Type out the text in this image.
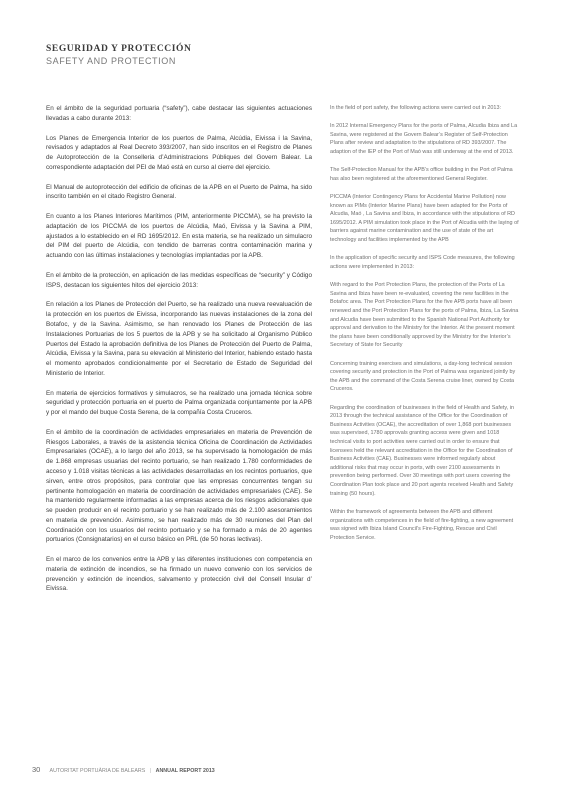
SEGURIDAD Y PROTECCIÓN
SAFETY AND PROTECTION

En el ámbito de la seguridad portuaria (“safety”), cabe destacar las siguientes actuaciones llevadas a cabo durante 2013:

Los Planes de Emergencia Interior de los puertos de Palma, Alcúdia, Eivissa i la Savina, revisados y adaptados al Real Decreto 393/2007, han sido inscritos en el Registro de Planes de Autoprotección de la Conselleria d’Administracions Públiques del Govern Balear. La correspondiente adaptación del PEI de Maó está en curso al cierre del ejercicio.

El Manual de autoprotección del edificio de oficinas de la APB en el Puerto de Palma, ha sido inscrito también en el citado Registro General.

En cuanto a los Planes Interiores Marítimos (PIM, anteriormente PICCMA), se ha previsto la adaptación de los PICCMA de los puertos de Alcúdia, Maó, Eivissa y la Savina a PIM, ajustados a lo establecido en el RD 1695/2012. En esta materia, se ha realizado un simulacro del PIM del puerto de Alcúdia, con tendido de barreras contra contaminación marina y actuando con las últimas instalaciones y tecnologías implantadas por la APB.

En el ámbito de la protección, en aplicación de las medidas específicas de “security” y Código ISPS, destacan los siguientes hitos del ejercicio 2013:

En relación a los Planes de Protección del Puerto, se ha realizado una nueva reevaluación de la protección en los puertos de Eivissa, incorporando las nuevas instalaciones de la zona del Botafoc, y de la Savina. Asimismo, se han renovado los Planes de Protección de las Instalaciones Portuarias de los 5 puertos de la APB y se ha solicitado al Organismo Público Puertos del Estado la aprobación definitiva de los Planes de Protección del Puerto de Palma, Alcúdia, Eivissa y la Savina, para su elevación al Ministerio del Interior, habiendo estado hasta el momento aprobados condicionalmente por el Secretario de Estado de Seguridad del Ministerio de Interior.

En materia de ejercicios formativos y simulacros, se ha realizado una jornada técnica sobre seguridad y protección portuaria en el puerto de Palma organizada conjuntamente por la APB y por el mando del buque Costa Serena, de la compañía Costa Cruceros.

En el ámbito de la coordinación de actividades empresariales en materia de Prevención de Riesgos Laborales, a través de la asistencia técnica Oficina de Coordinación de Actividades Empresariales (OCAE), a lo largo del año 2013, se ha supervisado la homologación de más de 1.868 empresas usuarias del recinto portuario, se han realizado 1.780 conformidades de acceso y 1.018 visitas técnicas a las actividades desarrolladas en los recintos portuarios, que sirven, entre otros propósitos, para controlar que las empresas concurrentes tengan su pertinente homologación en materia de coordinación de actividades empresariales (CAE). Se ha mantenido regularmente informadas a las empresas acerca de los riesgos adicionales que se pueden producir en el recinto portuario y se han realizado más de 2.100 asesoramientos en materia de prevención. Asimismo, se han realizado más de 30 reuniones del Plan del Coordinación con los usuarios del recinto portuario y se ha formado a más de 20 agentes portuarios (Consignatarios) en el curso básico en PRL (de 50 horas lectivas).

En el marco de los convenios entre la APB y las diferentes instituciones con competencia en materia de extinción de incendios, se ha firmado un nuevo convenio con los servicios de prevención y extinción de incendios, salvamento y protección civil del Consell Insular d’ Eivissa.

In the field of port safety, the following actions were carried out in 2013:

In 2012 Internal Emergency Plans for the ports of Palma, Alcudia Ibiza and La Savina, were registered at the Govern Balear’s Register of Self-Protection Plans after review and adaptation to the stipulations of RD 393/2007. The adaption of the IEP of the Port of Maó was still underway at the end of 2013.

The Self-Protection Manual for the APB’s office building in the Port of Palma has also been registered at the aforementioned General Register.

PICCMA (Interior Contingency Plans for Accidental Marine Pollution) now known as PIMs (Interior Marine Plans) have been adapted for the Ports of Alcudia, Maó , La Savina and Ibiza, in accordance with the stipulations of RD 1695/2012. A PIM simulation took place in the Port of Alcudia with the laying of barriers against marine contamination and the use of state of the art technology and facilities implemented by the APB

In the application of specific security and ISPS Code measures, the following actions were implemented in 2013:

With regard to the Port Protection Plans, the protection of the Ports of La Savina and Ibiza have been re-evaluated, covering the new facilities in the Botafoc area. The Port Protection Plans for the five APB ports have all been renewed and the Port Protection Plans for the ports of Palma, Ibiza, La Savina and Alcudia have been submitted to the Spanish National Port Authority for approval and derivation to the Ministry for the Interior. At the present moment the plans have been conditionally approved by the Ministry for the Interior’s Secretary of State for Security

Concerning training exercises and simulations, a day-long technical session covering security and protection in the Port of Palma was organized jointly by the APB and the command of the Costa Serena cruise liner, owned by Costa Cruceros.

Regarding the coordination of businesses in the field of Health and Safety, in 2013 through the technical assistance of the Office for the Coordination of Business Activities (OCAE), the accreditation of over 1,868 port businesses was supervised, 1780 approvals granting access were given and 1018 technical visits to port activities were carried out in order to ensure that licensees held the relevant accreditation in the Office for the Coordination of Business Activities (CAE). Businesses were informed regularly about additional risks that may occur in ports, with over 2100 assessments in prevention being performed. Over 30 meetings with port users covering the Coordination Plan took place and 20 port agents received Health and Safety training (50 hours).

Within the framework of agreements between the APB and different organizations with competences in the field of fire-fighting, a new agreement was signed with Ibiza Island Council’s Fire-Fighting, Rescue and Civil Protection Service.

30 AUTORITAT PORTUÀRIA DE BALEARS | ANNUAL REPORT 2013
